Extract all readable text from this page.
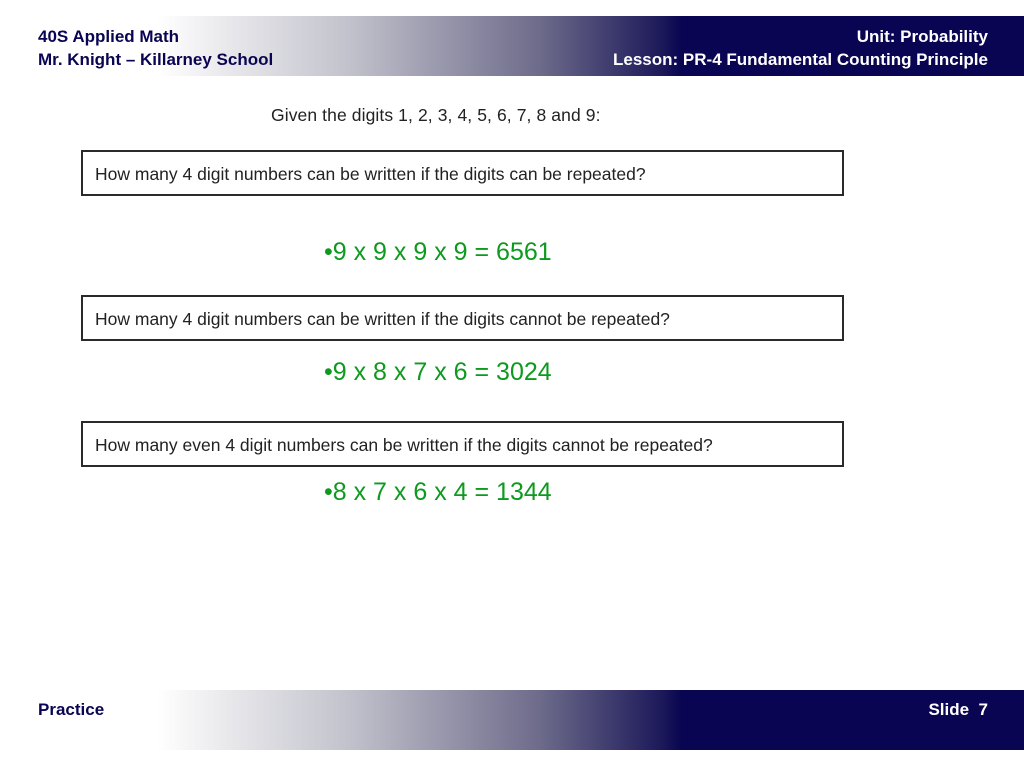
40S Applied Math
Mr. Knight – Killarney School
Unit: Probability
Lesson: PR-4 Fundamental Counting Principle
Given the digits 1, 2, 3, 4, 5, 6, 7, 8 and 9:
How many 4 digit numbers can be written if the digits can be repeated?
•9 x 9 x 9 x 9 = 6561
How many 4 digit numbers can be written if the digits cannot be repeated?
•9 x 8 x 7 x 6 = 3024
How many even 4 digit numbers can be written if the digits cannot be repeated?
•8 x 7 x 6 x 4 = 1344
Practice	Slide  7
